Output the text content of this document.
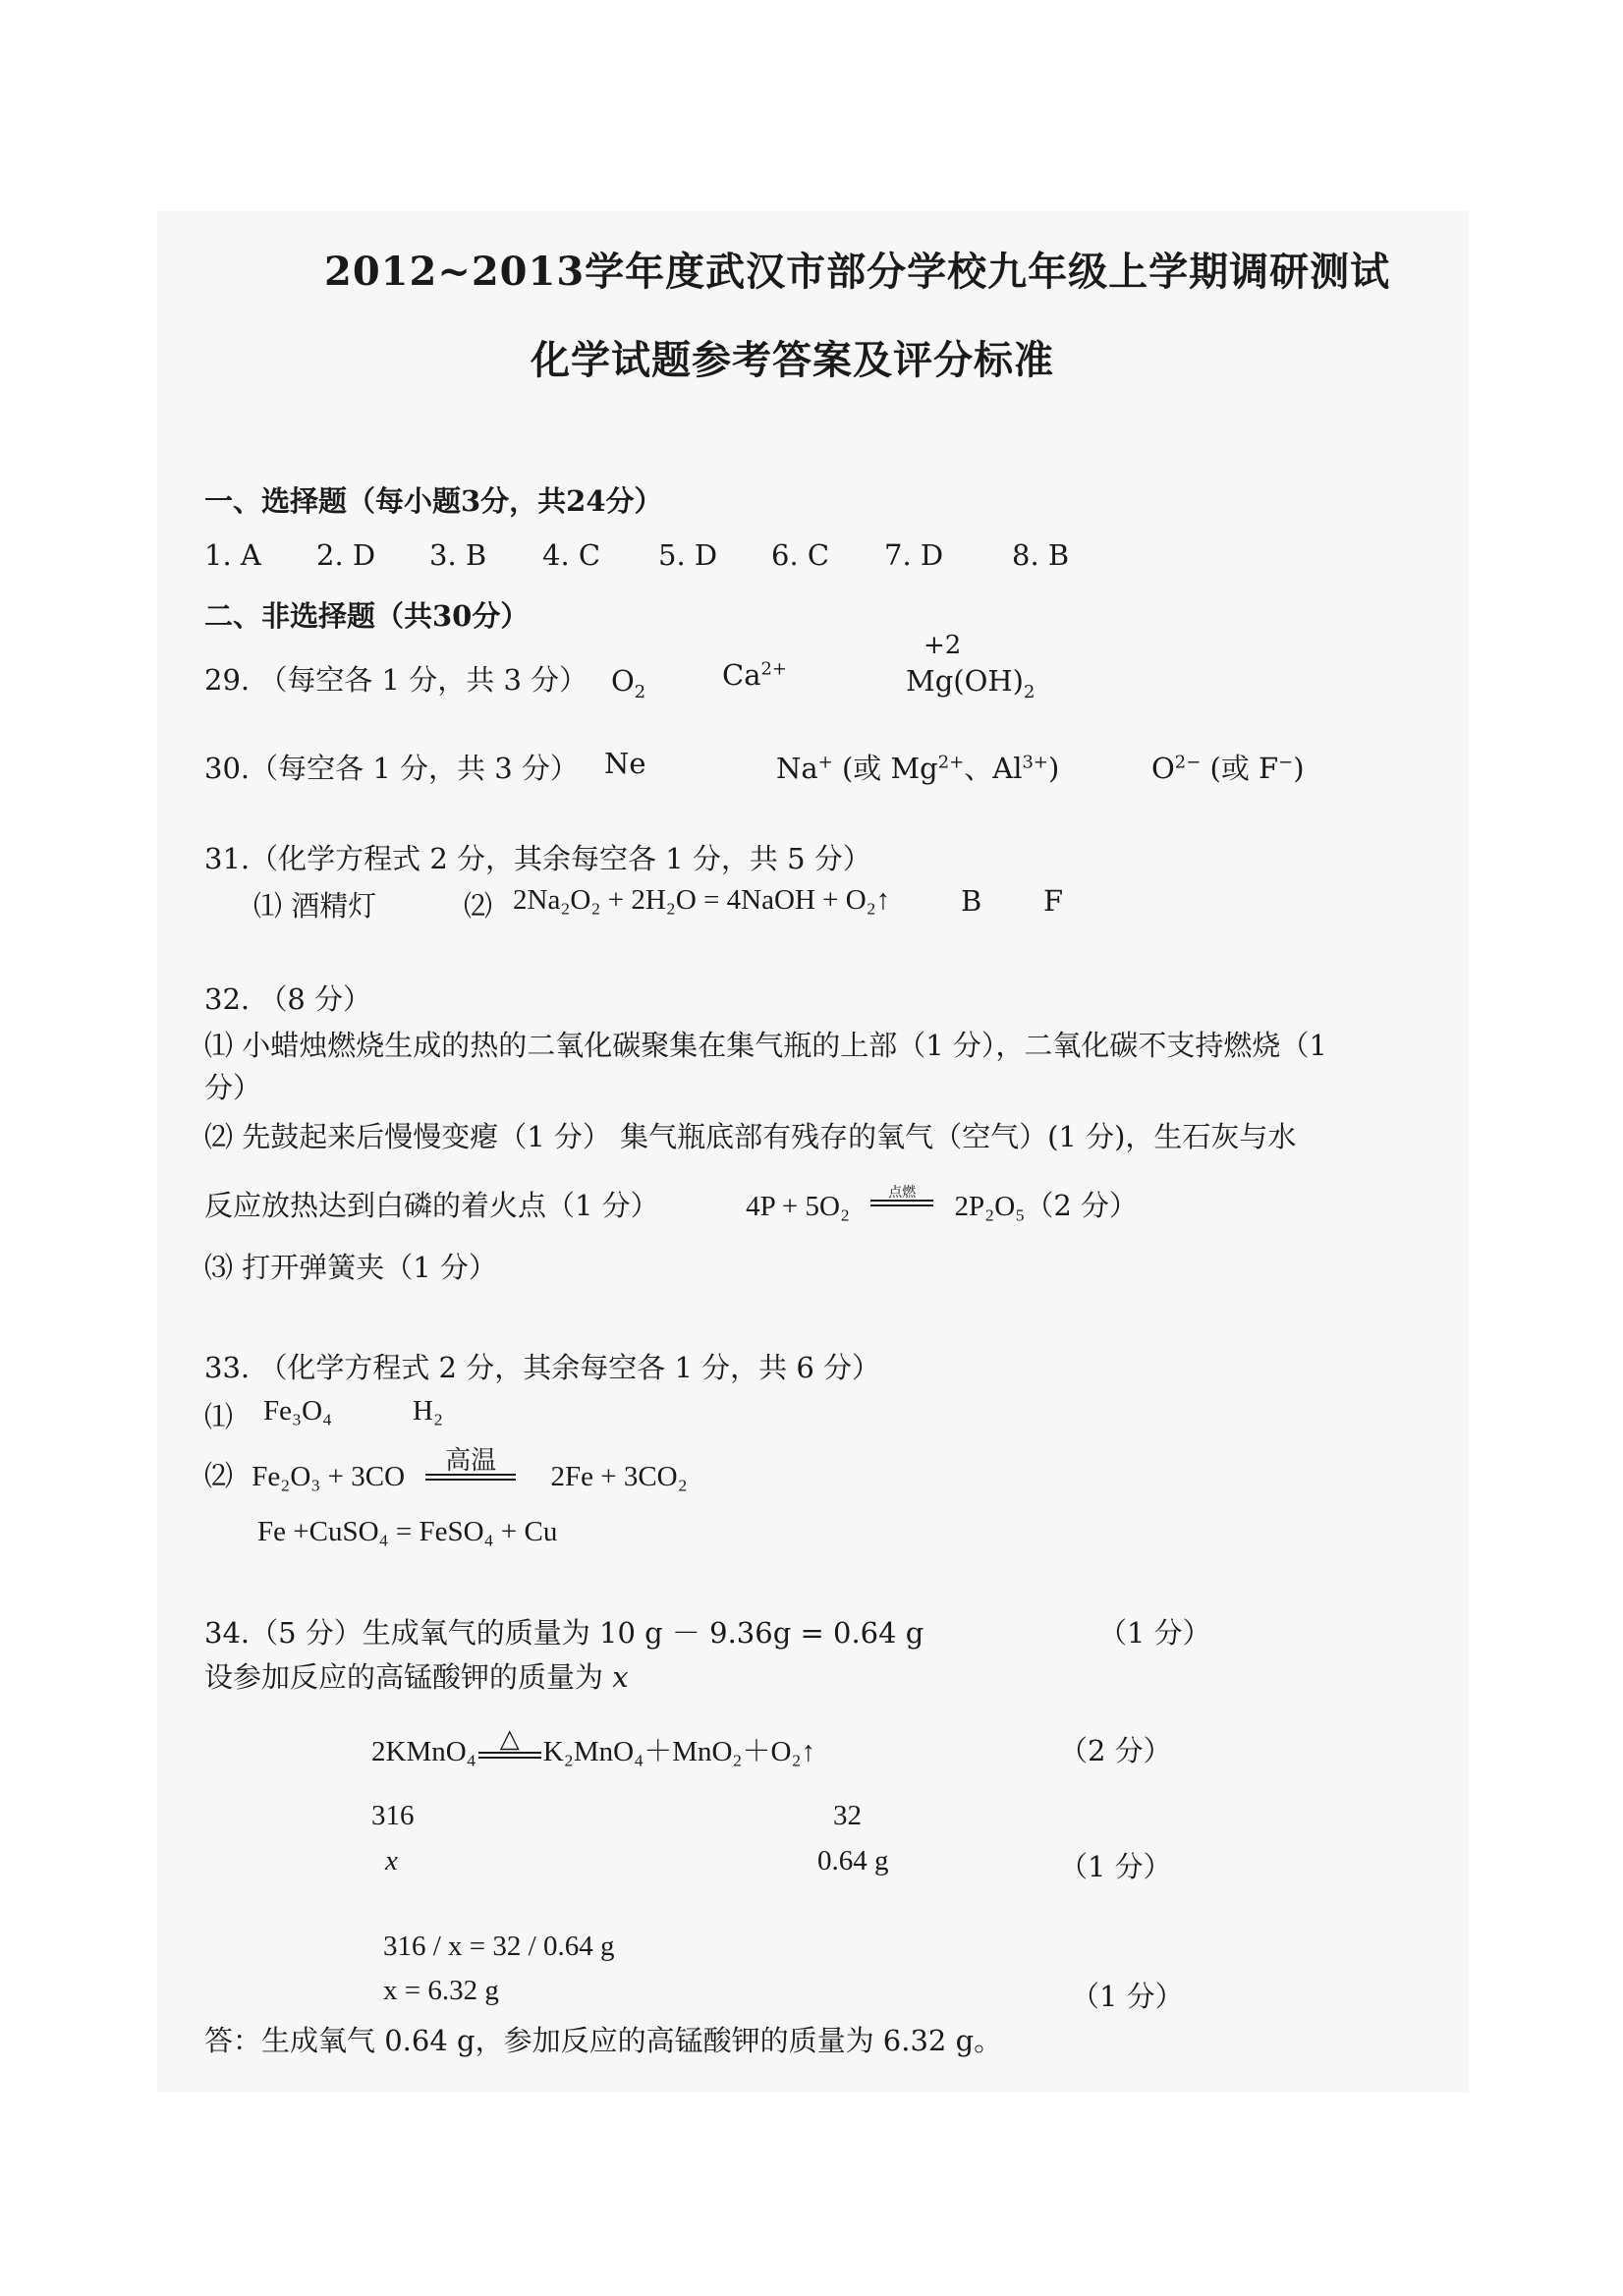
2012~2013学年度武汉市部分学校九年级上学期调研测试
化学试题参考答案及评分标准
一、选择题（每小题3分，共24分）
1. A 2. D 3. B 4. C 5. D 6. C 7. D 8. B
二、非选择题（共30分）
29. （每空各 1 分，共 3 分） $O_2$
$Ca^{2+}$
+2
$Mg(OH)_2$
30.（每空各 1 分，共 3 分） Ne	Na+ (或 $Mg^{2+}$、$Al^{3+}$)	$O^{2-}$ (或 F−)
31.（化学方程式 2 分，其余每空各 1 分，共 5 分）
⑴ 酒精灯	⑵ 2Na₂O₂ + 2H₂O = 4NaOH + O₂↑ B F
32. （8 分）
⑴ 小蜡烛燃烧生成的热的二氧化碳聚集在集气瓶的上部（1 分），二氧化碳不支持燃烧（1
分）
⑵ 先鼓起来后慢慢变瘪（1 分） 集气瓶底部有残存的氧气（空气）(1 分)，生石灰与水
反应放热达到白磷的着火点（1 分）	4P + 5O₂	点燃	2P₂O₅（2 分）
⑶ 打开弹簧夹（1 分）
33. （化学方程式 2 分，其余每空各 1 分，共 6 分）
⑴ Fe₃O₄	H₂
⑵ Fe₂O₃ + 3CO
高温
2Fe + 3CO₂
Fe +CuSO₄ = FeSO₄ + Cu
34.（5 分）生成氧气的质量为 10 g － 9.36g = 0.64 g	（1 分）
设参加反应的高锰酸钾的质量为 x
2KMnO₄ △ K₂MnO₄＋MnO₂＋O₂↑	（2 分）
316	32
x	0.64 g	（1 分）
316 / x = 32 / 0.64 g
x = 6.32 g	（1 分）
答：生成氧气 0.64 g，参加反应的高锰酸钾的质量为 6.32 g。
